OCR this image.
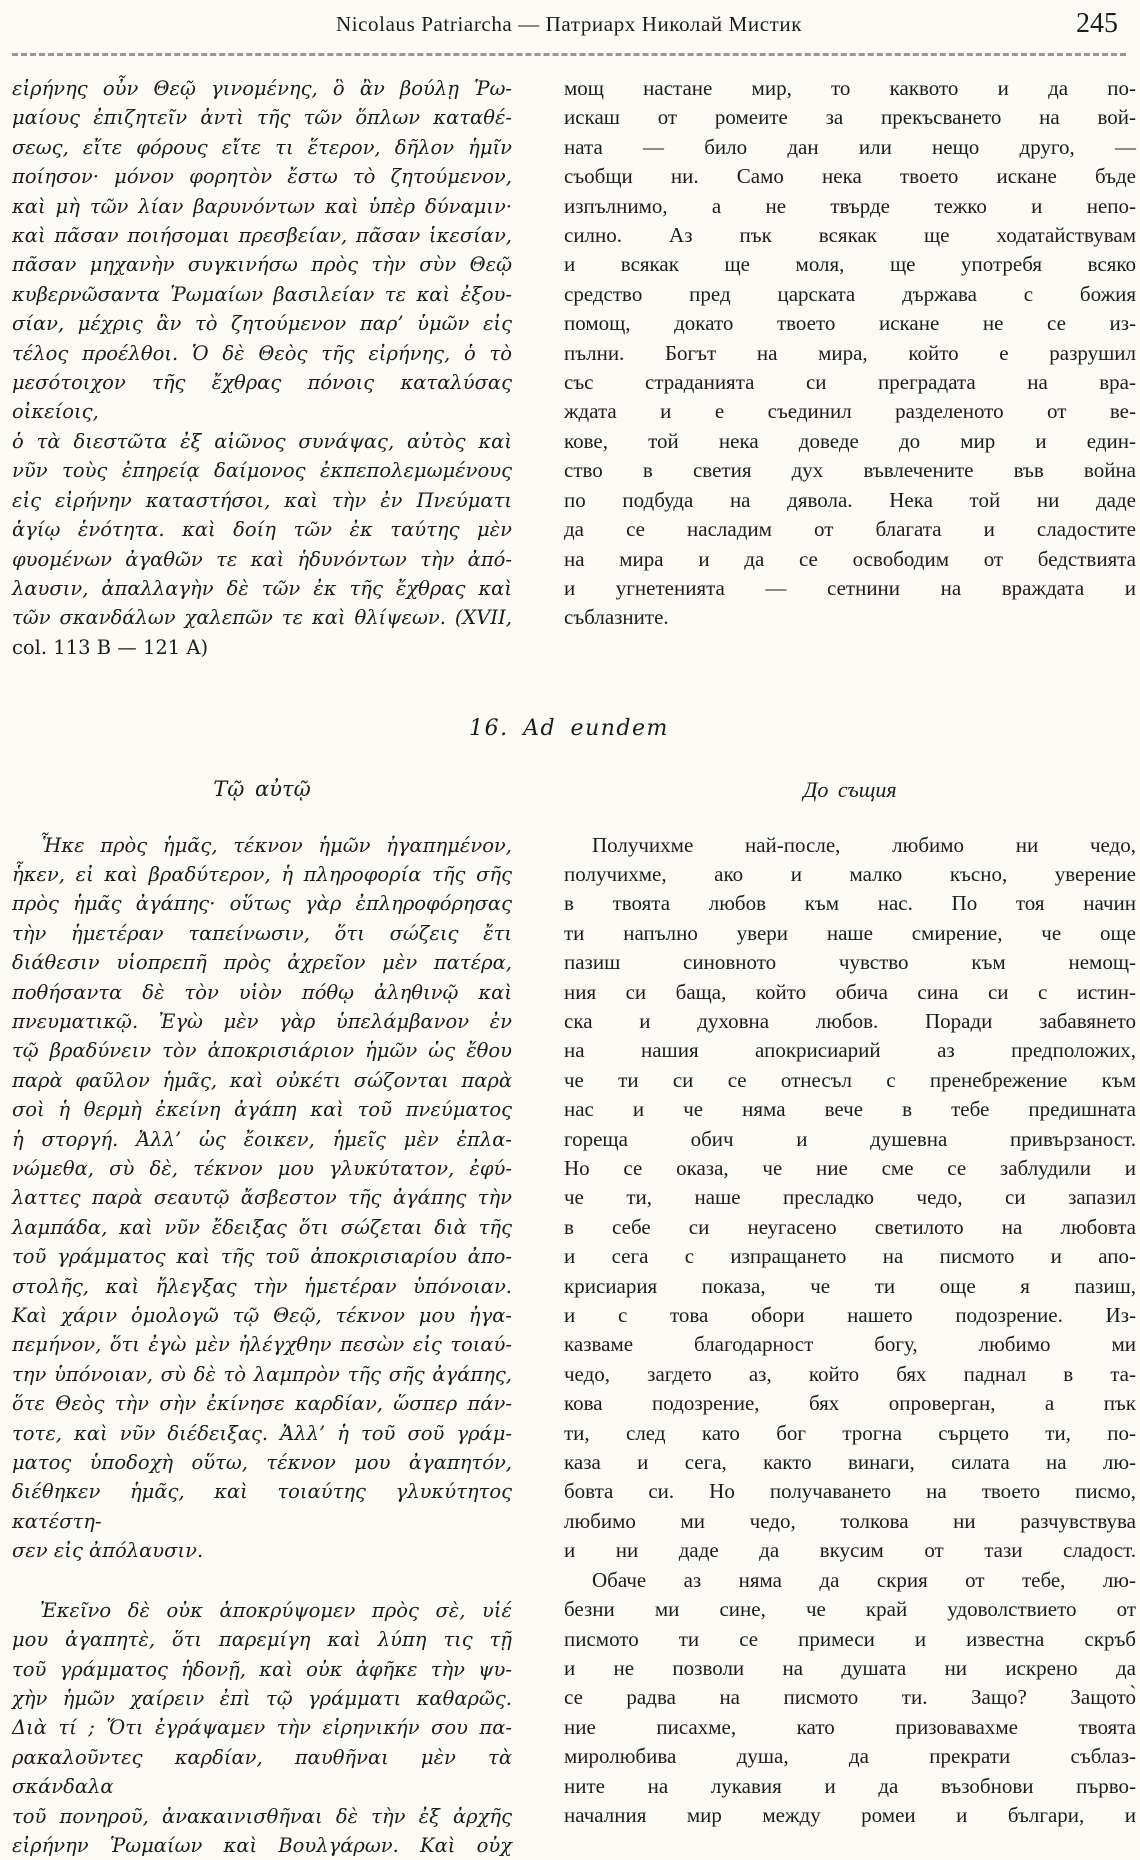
Nicolaus Patriarcha — Патриарх Николай Мистик	245
εἰρήνης οὖν Θεῷ γινομένης, ὃ ἂν βούλῃ Ῥω-
μαίους ἐπιζητεῖν ἀντὶ τῆς τῶν ὅπλων καταθέ-
σεως, εἴτε φόρους εἴτε τι ἕτερον, δῆλον ἡμῖν
ποίησον· μόνον φορητὸν ἔστω τὸ ζητούμενον,
καὶ μὴ τῶν λίαν βαρυνόντων καὶ ὑπὲρ δύναμιν·
καὶ πᾶσαν ποιήσομαι πρεσβείαν, πᾶσαν ἱκεσίαν,
πᾶσαν μηχανὴν συγκινήσω πρὸς τὴν σὺν Θεῷ
κυβερνῶσαντα Ῥωμαίων βασιλείαν τε καὶ ἐξου-
σίαν, μέχρις ἂν τὸ ζητούμενον παρ’ ὑμῶν εἰς
τέλος προέλθοι. Ὁ δὲ Θεὸς τῆς εἰρήνης, ὁ τὸ
μεσότοιχον τῆς ἔχθρας πόνοις καταλύσας οἰκείοις,
ὁ τὰ διεστῶτα ἐξ αἰῶνος συνάψας, αὐτὸς καὶ
νῦν τοὺς ἐπηρείᾳ δαίμονος ἐκπεπολεμωμένους
εἰς εἰρήνην καταστήσοι, καὶ τὴν ἐν Πνεύματι
ἁγίῳ ἑνότητα. καὶ δοίη τῶν ἐκ ταύτης μὲν
φυομένων ἀγαθῶν τε καὶ ἡδυνόντων τὴν ἀπό-
λαυσιν, ἀπαλλαγὴν δὲ τῶν ἐκ τῆς ἔχθρας καὶ
τῶν σκανδάλων χαλεπῶν τε καὶ θλίψεων. (XVII,
col. 113 B — 121 A)
мощ настане мир, то каквото и да по-
искаш от ромеите за прекъсването на вой-
ната — било дан или нещо друго, —
съобщи ни. Само нека твоето искане бъде
изпълнимо, а не твърде тежко и непо-
силно. Аз пък всякак ще ходатайствувам
и всякак ще моля, ще употребя всяко
средство пред царската държава с божия
помощ, докато твоето искане не се из-
пълни. Богът на мира, който е разрушил
със страданията си преградата на вра-
ждата и е съединил разделеното от ве-
кове, той нека доведе до мир и един-
ство в светия дух въвлечените във война
по подбуда на дявола. Нека той ни даде
да се насладим от благата и сладостите
на мира и да се освободим от бедствията
и угнетенията — сетнини на враждата и
съблазните.
16. Ad eundem
Τῷ αὐτῷ
Ἧκε πρὸς ἡμᾶς, τέκνον ἡμῶν ἠγαπημένον,
ἧκεν, εἰ καὶ βραδύτερον, ἡ πληροφορία τῆς σῆς
πρὸς ἡμᾶς ἀγάπης· οὕτως γὰρ ἐπληροφόρησας
τὴν ἡμετέραν ταπείνωσιν, ὅτι σώζεις ἔτι
διάθεσιν υἱοπρεπῆ πρὸς ἀχρεῖον μὲν πατέρα,
ποθήσαντα δὲ τὸν υἱὸν πόθῳ ἀληθινῷ καὶ
πνευματικῷ. Ἐγὼ μὲν γὰρ ὑπελάμβανον ἐν
τῷ βραδύνειν τὸν ἀποκρισιάριον ἡμῶν ὡς ἔθου
παρὰ φαῦλον ἡμᾶς, καὶ οὐκέτι σώζονται παρὰ
σοὶ ἡ θερμὴ ἐκείνη ἀγάπη καὶ τοῦ πνεύματος
ἡ στοργή. Ἀλλ’ ὡς ἔοικεν, ἡμεῖς μὲν ἐπλα-
νώμεθα, σὺ δὲ, τέκνον μου γλυκύτατον, ἐφύ-
λαττες παρὰ σεαυτῷ ἄσβεστον τῆς ἀγάπης τὴν
λαμπάδα, καὶ νῦν ἔδειξας ὅτι σώζεται διὰ τῆς
τοῦ γράμματος καὶ τῆς τοῦ ἀποκρισιαρίου ἀπο-
στολῆς, καὶ ἤλεγξας τὴν ἡμετέραν ὑπόνοιαν.
Καὶ χάριν ὁμολογῶ τῷ Θεῷ, τέκνον μου ἠγα-
πεμήνον, ὅτι ἐγὼ μὲν ἠλέγχθην πεσὼν εἰς τοιαύ-
την ὑπόνοιαν, σὺ δὲ τὸ λαμπρὸν τῆς σῆς ἀγάπης,
ὅτε Θεὸς τὴν σὴν ἐκίνησε καρδίαν, ὥσπερ πάν-
τοτε, καὶ νῦν διέδειξας. Ἀλλ’ ἡ τοῦ σοῦ γράμ-
ματος ὑποδοχὴ οὕτω, τέκνον μου ἀγαπητόν,
διέθηκεν ἡμᾶς, καὶ τοιαύτης γλυκύτητος κατέστη-
σεν εἰς ἀπόλαυσιν.
Ἐκεῖνο δὲ οὐκ ἀποκρύψομεν πρὸς σὲ, υἱέ
μου ἀγαπητὲ, ὅτι παρεμίγη καὶ λύπη τις τῇ
τοῦ γράμματος ἡδονῇ, καὶ οὐκ ἀφῆκε τὴν ψυ-
χὴν ἡμῶν χαίρειν ἐπὶ τῷ γράμματι καθαρῶς.
Διὰ τί ; Ὅτι ἐγράψαμεν τὴν εἰρηνικήν σου πα-
ρακαλοῦντες καρδίαν, παυθῆναι μὲν τὰ σκάνδαλα
τοῦ πονηροῦ, ἀνακαινισθῆναι δὲ τὴν ἐξ ἀρχῆς
εἰρήνην Ῥωμαίων καὶ Βουλγάρων. Καὶ οὐχ
До същия
Получихме най-после, любимо ни чедо,
получихме, ако и малко късно, уверение
в твоята любов към нас. По тоя начин
ти напълно увери наше смирение, че още
пазиш синовното чувство към немощ-
ния си баща, който обича сина си с истин-
ска и духовна любов. Поради забавянето
на нашия апокрисиарий аз предположих,
че ти си се отнесъл с пренебрежение към
нас и че няма вече в тебе предишната
гореща обич и душевна привързаност.
Но се оказа, че ние сме се заблудили и
че ти, наше пресладко чедо, си запазил
в себе си неугасено светилото на любовта
и сега с изпращането на писмото и апо-
крисиария показа, че ти още я пазиш,
и с това обори нашето подозрение. Из-
казваме благодарност богу, любимо ми
чедо, загдето аз, който бях паднал в та-
кова подозрение, бях опроверган, а пък
ти, след като бог трогна сърцето ти, по-
каза и сега, както винаги, силата на лю-
бовта си. Но получаването на твоето писмо,
любимо ми чедо, толкова ни разчувствува
и ни даде да вкусим от тази сладост.
Обаче аз няма да скрия от тебе, лю-
безни ми сине, че край удоволствието от
писмото ти се примеси и известна скръб
и не позволи на душата ни искрено да
се радва на писмото ти. Защо? Защото̀
ние писахме, като призовавахме твоята
миролюбива душа, да прекрати съблаз-
ните на лукавия и да възобнови първо-
началния мир между ромеи и българи, и
